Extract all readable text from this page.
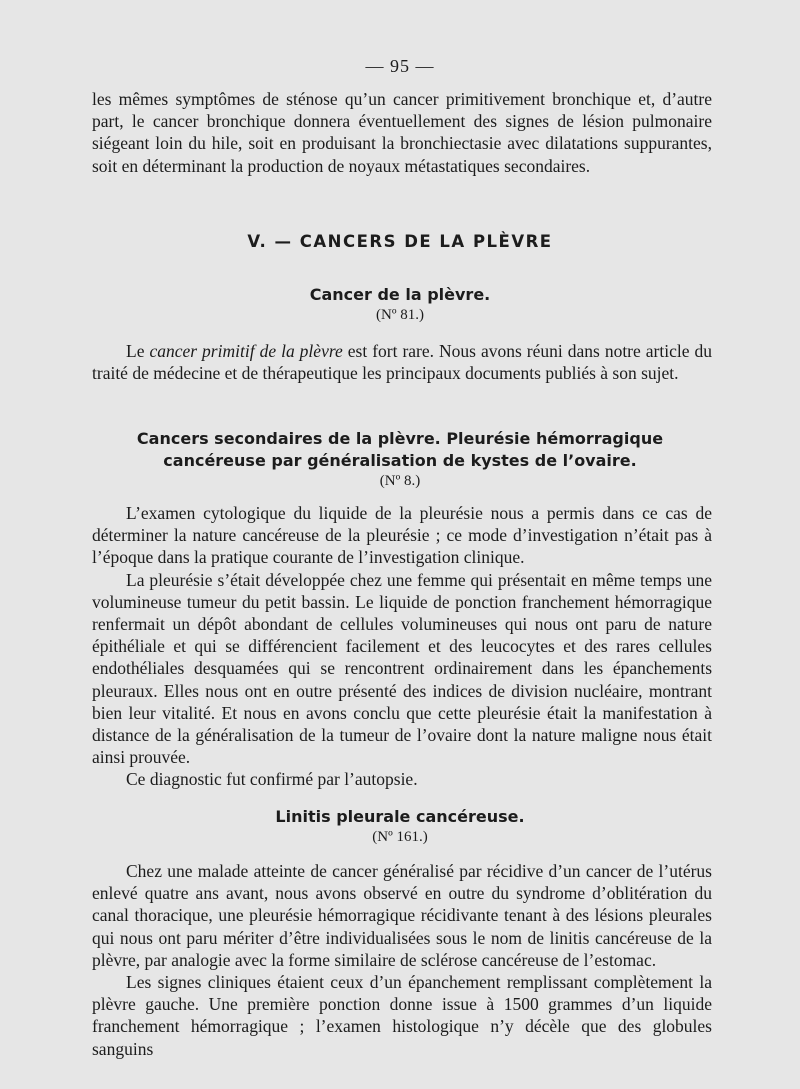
— 95 —

les mêmes symptômes de sténose qu’un cancer primitivement bronchique et, d’autre part, le cancer bronchique donnera éventuellement des signes de lésion pulmonaire siégeant loin du hile, soit en produisant la bronchiectasie avec dilatations suppurantes, soit en déterminant la production de noyaux métastatiques secondaires.

V. — CANCERS DE LA PLÈVRE
Cancer de la plèvre.
(Nº 81.)

Le cancer primitif de la plèvre est fort rare. Nous avons réuni dans notre article du traité de médecine et de thérapeutique les principaux documents publiés à son sujet.

Cancers secondaires de la plèvre. Pleurésie hémorragique
cancéreuse par généralisation de kystes de l’ovaire.
(Nº 8.)

L’examen cytologique du liquide de la pleurésie nous a permis dans ce cas de déterminer la nature cancéreuse de la pleurésie ; ce mode d’investigation n’était pas à l’époque dans la pratique courante de l’investigation clinique.

La pleurésie s’était développée chez une femme qui présentait en même temps une volumineuse tumeur du petit bassin. Le liquide de ponction franchement hémorragique renfermait un dépôt abondant de cellules volumineuses qui nous ont paru de nature épithéliale et qui se différencient facilement et des leucocytes et des rares cellules endothéliales desquamées qui se rencontrent ordinairement dans les épanchements pleuraux. Elles nous ont en outre présenté des indices de division nucléaire, montrant bien leur vitalité. Et nous en avons conclu que cette pleurésie était la manifestation à distance de la généralisation de la tumeur de l’ovaire dont la nature maligne nous était ainsi prouvée.

Ce diagnostic fut confirmé par l’autopsie.

Linitis pleurale cancéreuse.
(Nº 161.)

Chez une malade atteinte de cancer généralisé par récidive d’un cancer de l’utérus enlevé quatre ans avant, nous avons observé en outre du syndrome d’oblitération du canal thoracique, une pleurésie hémorragique récidivante tenant à des lésions pleurales qui nous ont paru mériter d’être individualisées sous le nom de linitis cancéreuse de la plèvre, par analogie avec la forme similaire de sclérose cancéreuse de l’estomac.

Les signes cliniques étaient ceux d’un épanchement remplissant complètement la plèvre gauche. Une première ponction donne issue à 1500 grammes d’un liquide franchement hémorragique ; l’examen histologique n’y décèle que des globules sanguins
